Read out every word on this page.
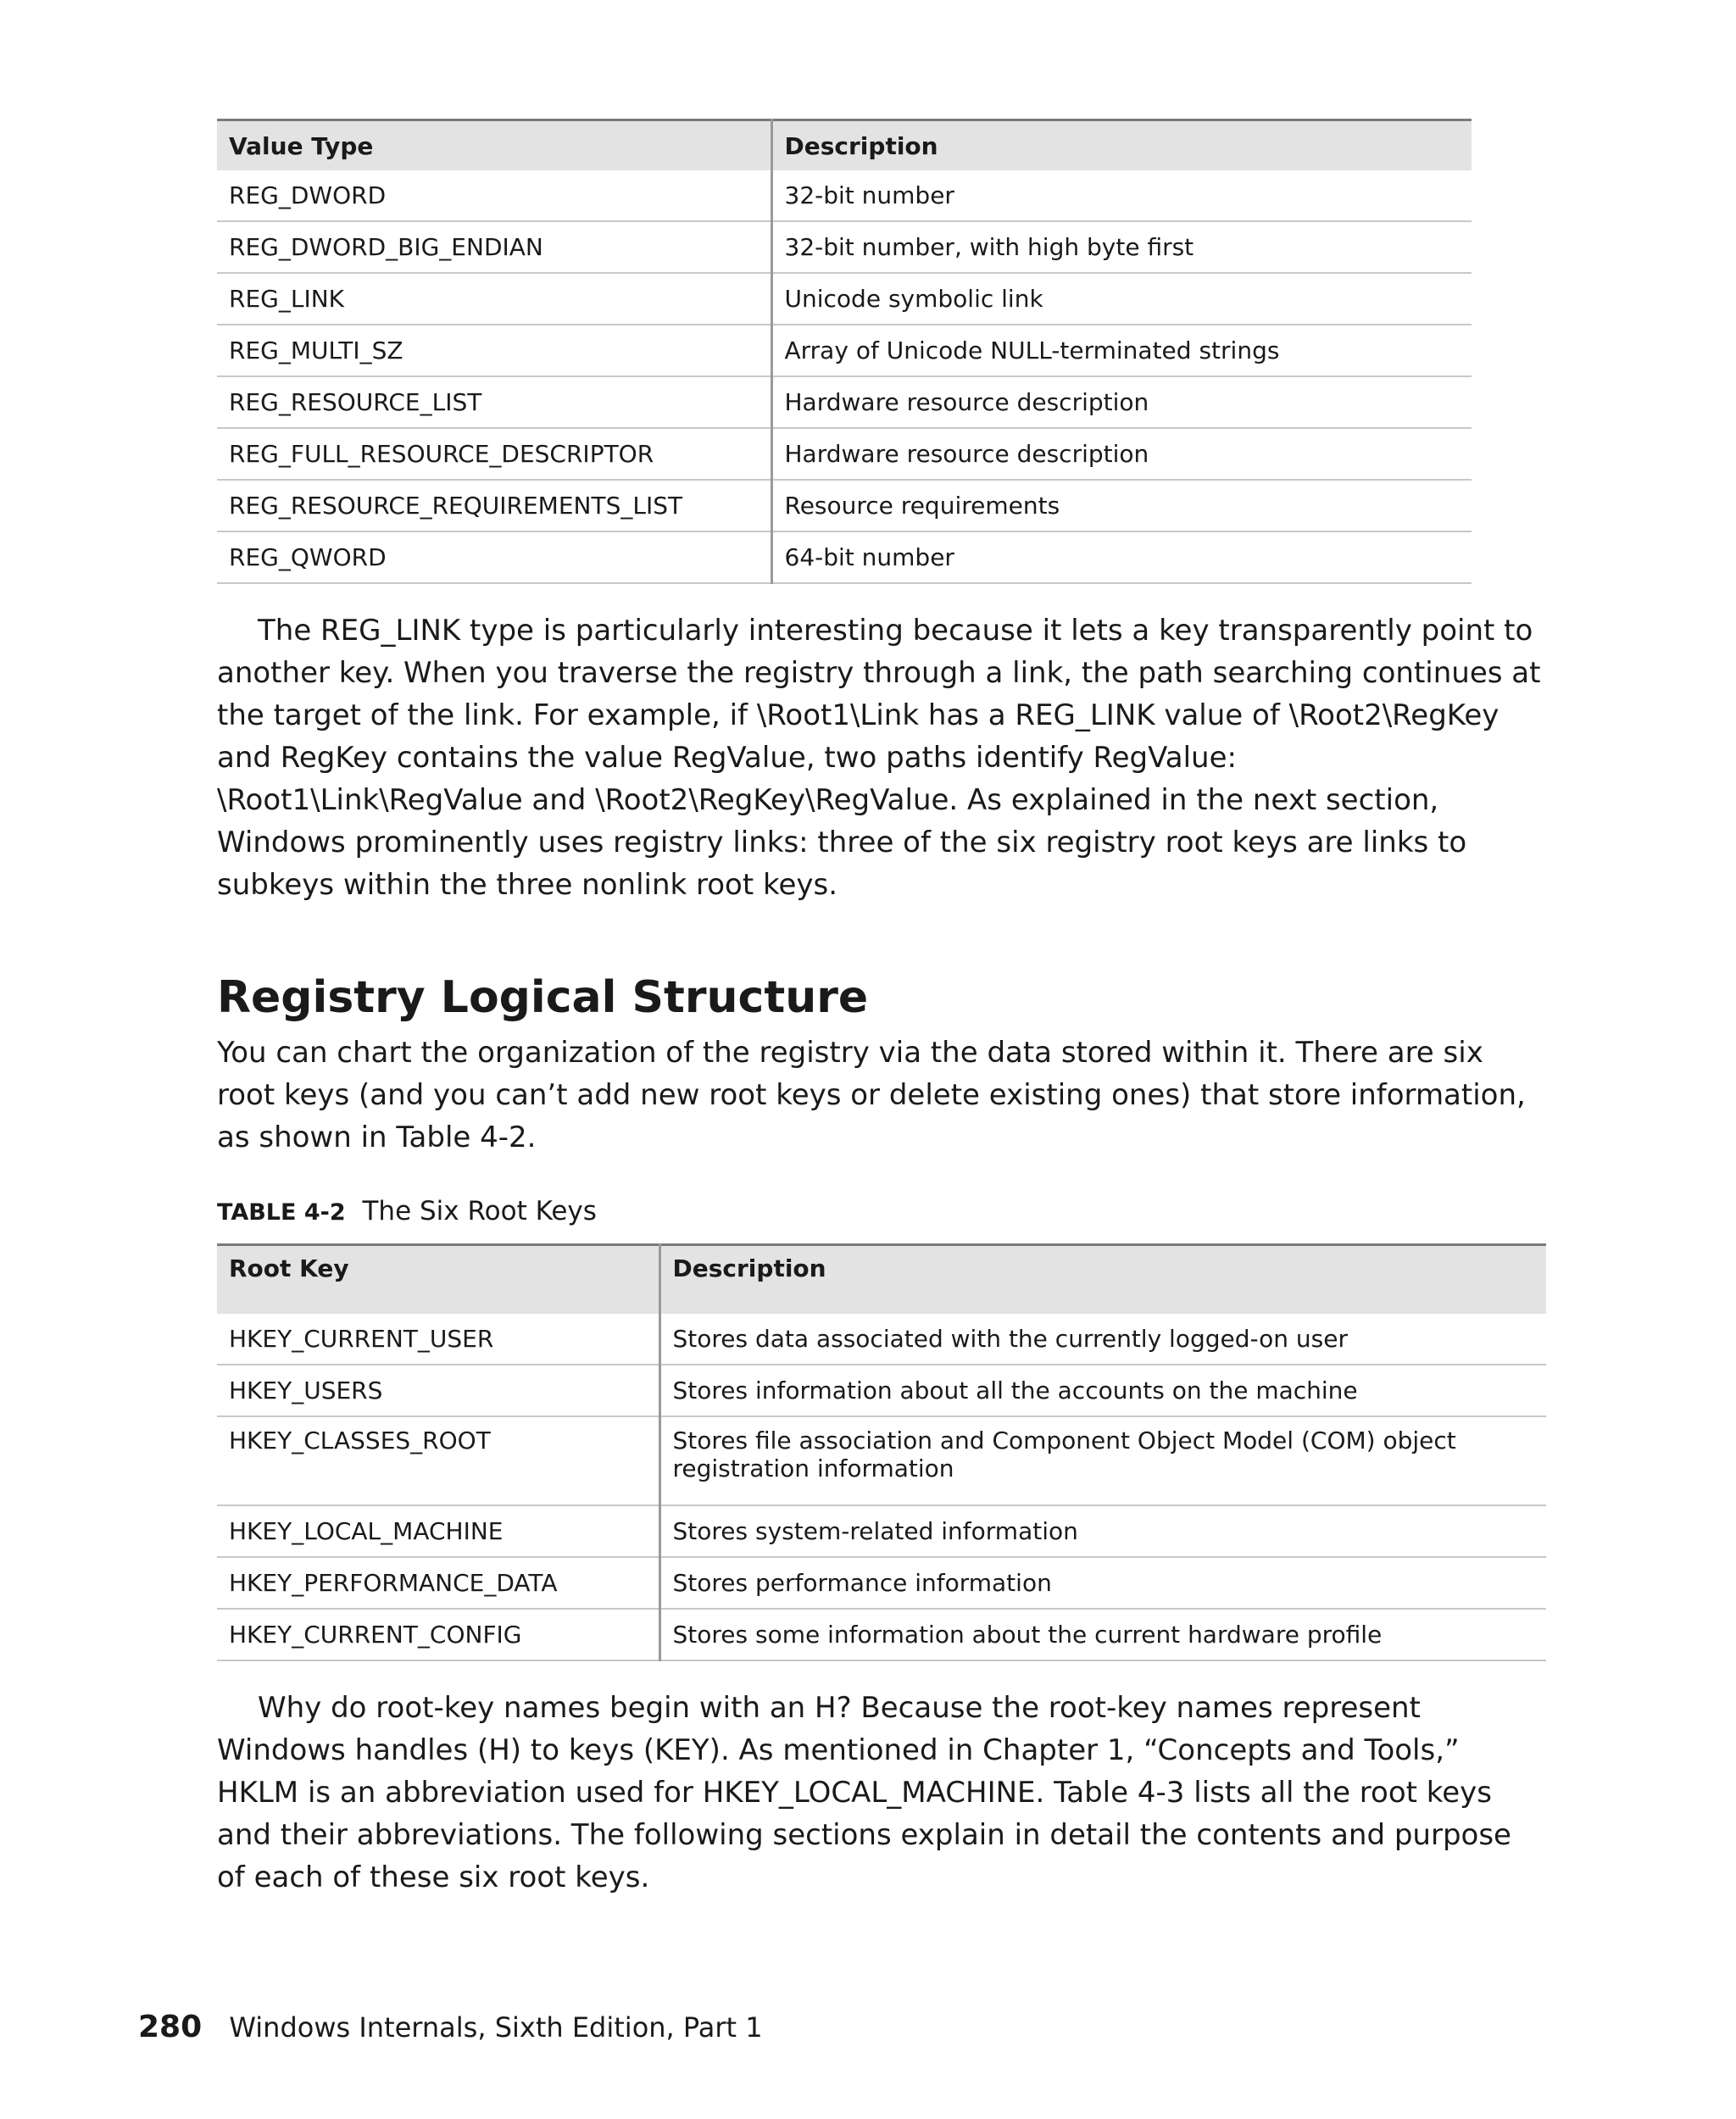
Value Type	Description
REG_DWORD	32-bit number
REG_DWORD_BIG_ENDIAN	32-bit number, with high byte first
REG_LINK	Unicode symbolic link
REG_MULTI_SZ	Array of Unicode NULL-terminated strings
REG_RESOURCE_LIST	Hardware resource description
REG_FULL_RESOURCE_DESCRIPTOR	Hardware resource description
REG_RESOURCE_REQUIREMENTS_LIST	Resource requirements
REG_QWORD	64-bit number

The REG_LINK type is particularly interesting because it lets a key transparently point to another key. When you traverse the registry through a link, the path searching continues at the target of the link. For example, if \Root1\Link has a REG_LINK value of \Root2\RegKey and RegKey contains the value RegValue, two paths identify RegValue: \Root1\Link\RegValue and \Root2\RegKey\RegValue. As explained in the next section, Windows prominently uses registry links: three of the six registry root keys are links to subkeys within the three nonlink root keys.

Registry Logical Structure

You can chart the organization of the registry via the data stored within it. There are six root keys (and you can’t add new root keys or delete existing ones) that store information, as shown in Table 4-2.

TABLE 4-2 The Six Root Keys
Root Key	Description
HKEY_CURRENT_USER	Stores data associated with the currently logged-on user
HKEY_USERS	Stores information about all the accounts on the machine
HKEY_CLASSES_ROOT	Stores file association and Component Object Model (COM) object registration information
HKEY_LOCAL_MACHINE	Stores system-related information
HKEY_PERFORMANCE_DATA	Stores performance information
HKEY_CURRENT_CONFIG	Stores some information about the current hardware profile

Why do root-key names begin with an H? Because the root-key names represent Windows handles (H) to keys (KEY). As mentioned in Chapter 1, “Concepts and Tools,” HKLM is an abbreviation used for HKEY_LOCAL_MACHINE. Table 4-3 lists all the root keys and their abbreviations. The following sections explain in detail the contents and purpose of each of these six root keys.

280 Windows Internals, Sixth Edition, Part 1
